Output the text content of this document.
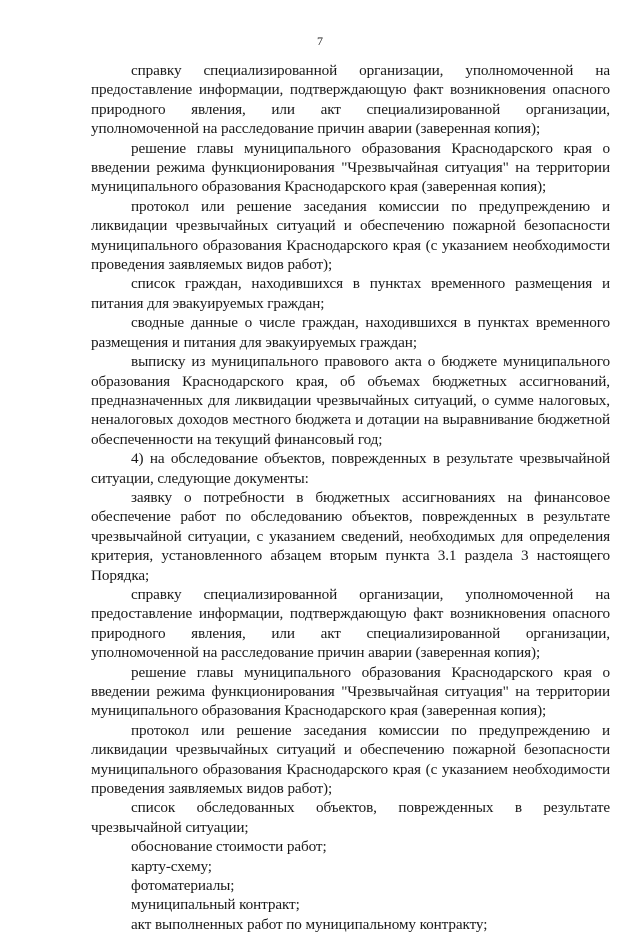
7

справку специализированной организации, уполномоченной на предоставление информации, подтверждающую факт возникновения опасного природного явления, или акт специализированной организации, уполномоченной на расследование причин аварии (заверенная копия);

решение главы муниципального образования Краснодарского края о введении режима функционирования "Чрезвычайная ситуация" на территории муниципального образования Краснодарского края (заверенная копия);

протокол или решение заседания комиссии по предупреждению и ликвидации чрезвычайных ситуаций и обеспечению пожарной безопасности муниципального образования Краснодарского края (с указанием необходимости проведения заявляемых видов работ);

список граждан, находившихся в пунктах временного размещения и питания для эвакуируемых граждан;

сводные данные о числе граждан, находившихся в пунктах временного размещения и питания для эвакуируемых граждан;

выписку из муниципального правового акта о бюджете муниципального образования Краснодарского края, об объемах бюджетных ассигнований, предназначенных для ликвидации чрезвычайных ситуаций, о сумме налоговых, неналоговых доходов местного бюджета и дотации на выравнивание бюджетной обеспеченности на текущий финансовый год;

4) на обследование объектов, поврежденных в результате чрезвычайной ситуации, следующие документы:

заявку о потребности в бюджетных ассигнованиях на финансовое обеспечение работ по обследованию объектов, поврежденных в результате чрезвычайной ситуации, с указанием сведений, необходимых для определения критерия, установленного абзацем вторым пункта 3.1 раздела 3 настоящего Порядка;

справку специализированной организации, уполномоченной на предоставление информации, подтверждающую факт возникновения опасного природного явления, или акт специализированной организации, уполномоченной на расследование причин аварии (заверенная копия);

решение главы муниципального образования Краснодарского края о введении режима функционирования "Чрезвычайная ситуация" на территории муниципального образования Краснодарского края (заверенная копия);

протокол или решение заседания комиссии по предупреждению и ликвидации чрезвычайных ситуаций и обеспечению пожарной безопасности муниципального образования Краснодарского края (с указанием необходимости проведения заявляемых видов работ);

список обследованных объектов, поврежденных в результате чрезвычайной ситуации;

обоснование стоимости работ;

карту-схему;

фотоматериалы;

муниципальный контракт;

акт выполненных работ по муниципальному контракту;
